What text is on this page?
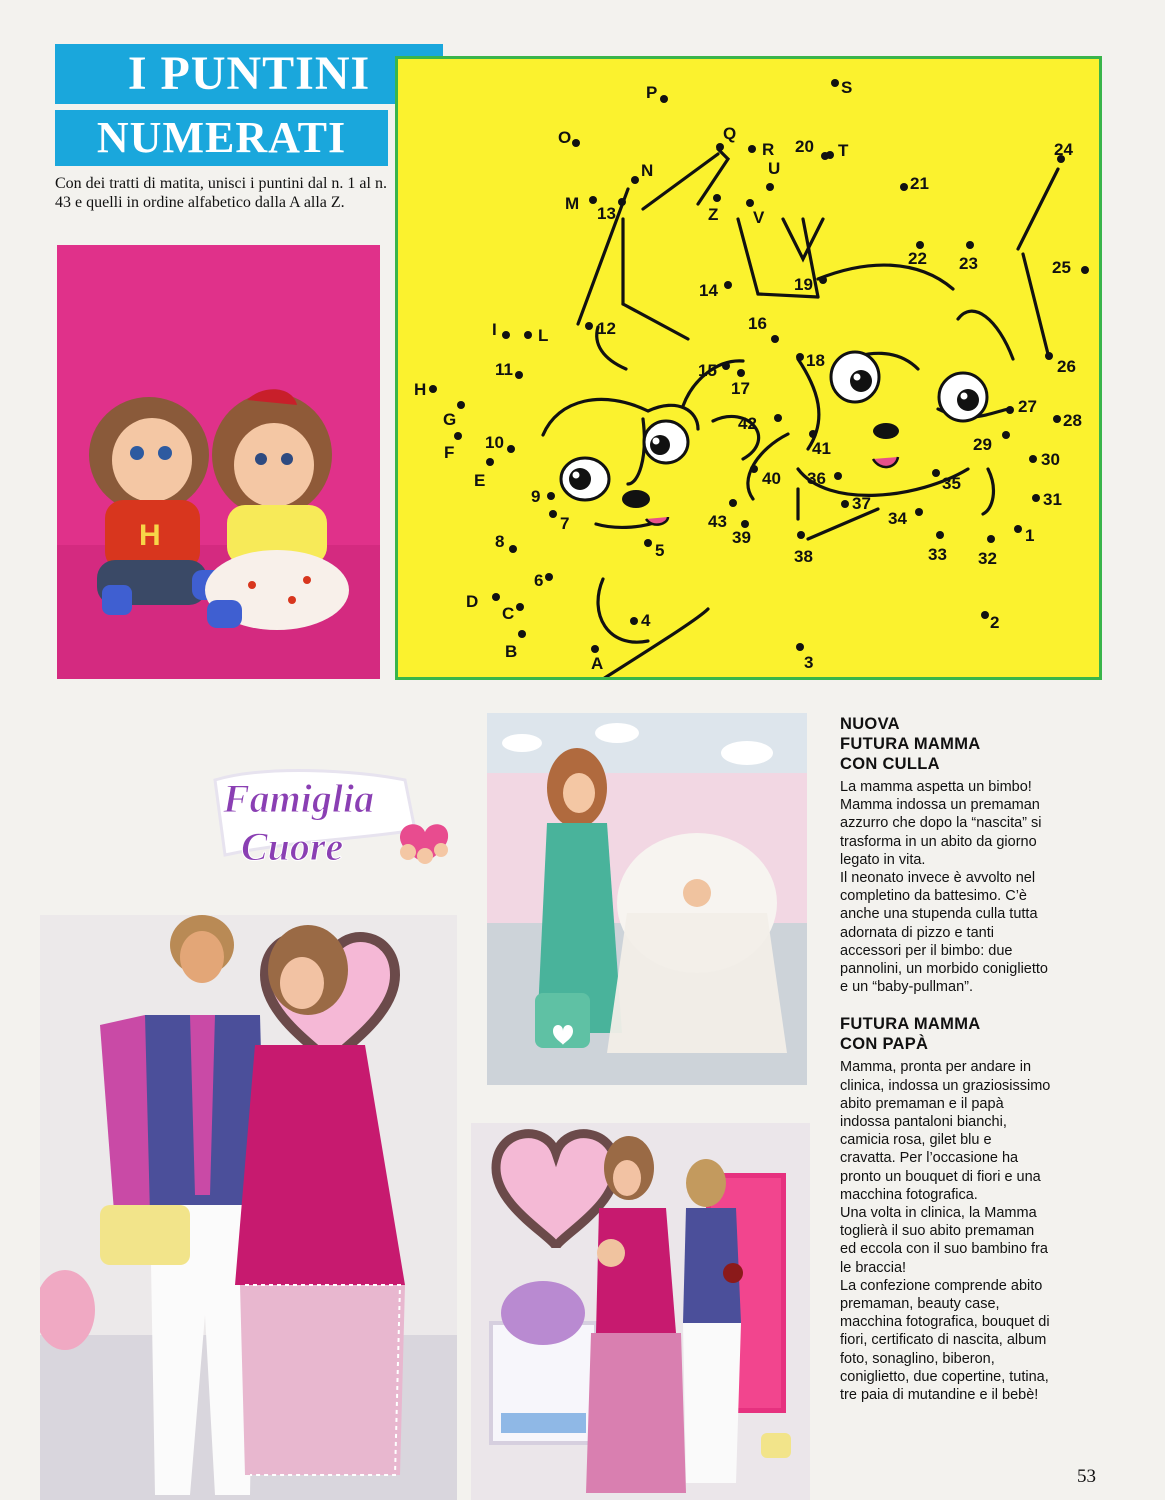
I PUNTINI
NUMERATI
Con dei tratti di matita, unisci i puntini dal n. 1 al n. 43 e quelli in ordine alfabetico dalla A alla Z.
1
2
3
4
5
6
7
8
9
10
11
12
13
14
15
16
17
18
19
20
21
22 23
24
25
26
27
28
29
30
31
32
33
34
35
36
37
38
39
40
41
42
43
A
B
C
D
E
F
G
H
I L
M
N
O
P
Q
R
S
T
U
V
Z
H
Famiglia
Cuore
NUOVA
FUTURA MAMMA
CON CULLA

La mamma aspetta un bimbo!
Mamma indossa un premaman
azzurro che dopo la “nascita” si
trasforma in un abito da giorno
legato in vita.
Il neonato invece è avvolto nel
completino da battesimo. C’è
anche una stupenda culla tutta
adornata di pizzo e tanti
accessori per il bimbo: due
pannolini, un morbido coniglietto
e un “baby-pullman”.

FUTURA MAMMA
CON PAPÀ

Mamma, pronta per andare in
clinica, indossa un graziosissimo
abito premaman e il papà
indossa pantaloni bianchi,
camicia rosa, gilet blu e
cravatta. Per l’occasione ha
pronto un bouquet di fiori e una
macchina fotografica.
Una volta in clinica, la Mamma
toglierà il suo abito premaman
ed eccola con il suo bambino fra
le braccia!
La confezione comprende abito
premaman, beauty case,
macchina fotografica, bouquet di
fiori, certificato di nascita, album
foto, sonaglino, biberon,
coniglietto, due copertine, tutina,
tre paia di mutandine e il bebè!

53
